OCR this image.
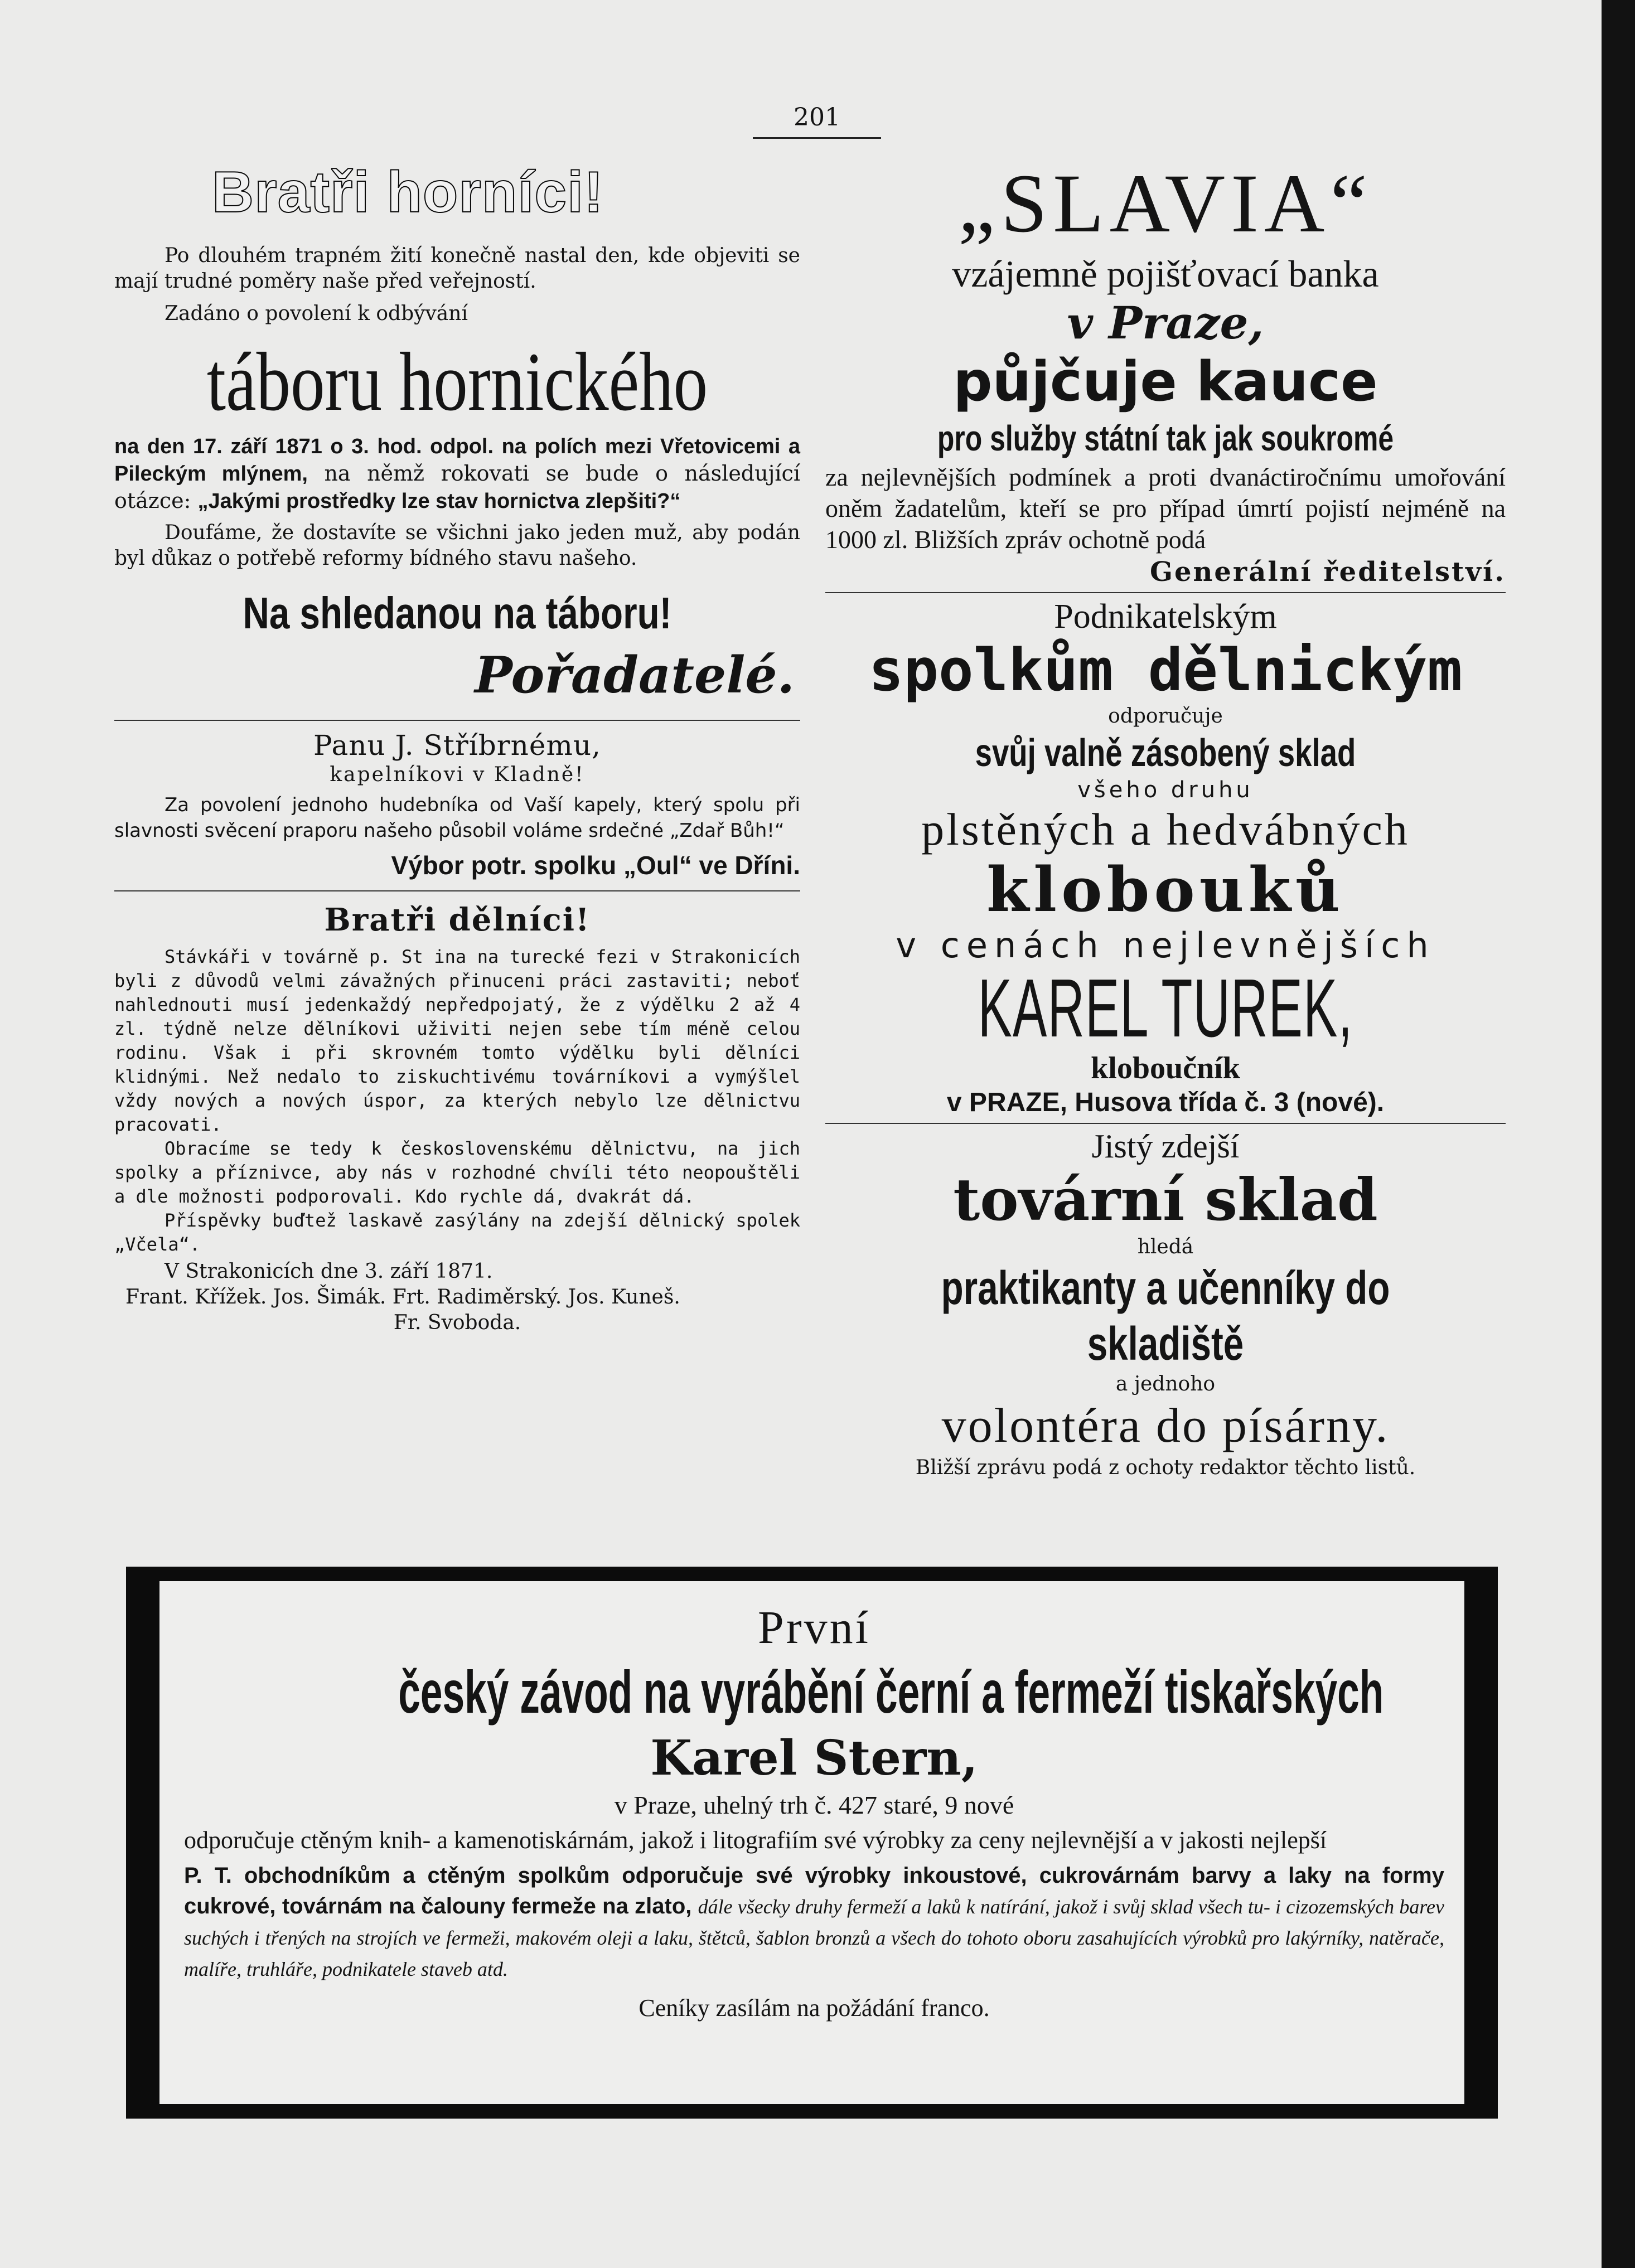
201
Bratři horníci!
Po dlouhém trapném žití konečně nastal den, kde objeviti se mají trudné poměry naše před veřejností.
Zadáno o povolení k odbývání
táboru hornického
na den 17. září 1871 o 3. hod. odpol. na polích mezi Vřetovicemi a Pileckým mlýnem, na němž rokovati se bude o následující otázce: „Jakými prostředky lze stav hornictva zlepšiti?“
Doufáme, že dostavíte se všichni jako jeden muž, aby podán byl důkaz o potřebě reformy bídného stavu našeho.
Na shledanou na táboru!
Pořadatelé.
Panu J. Stříbrnému,
kapelníkovi v Kladně!
Za povolení jednoho hudebníka od Vaší kapely, který spolu při slavnosti svěcení praporu našeho působil voláme srdečné „Zdař Bůh!“
Výbor potr. spolku „Oul“ ve Dříni.
Bratři dělníci!
Stávkáři v továrně p. St ina na turecké fezi v Strakonicích byli z důvodů velmi závažných přinuceni práci zastaviti; neboť nahlednouti musí jedenkaždý nepředpojatý, že z výdělku 2 až 4 zl. týdně nelze dělníkovi uživiti nejen sebe tím méně celou rodinu. Však i při skrovném tomto výdělku byli dělníci klidnými. Než nedalo to ziskuchtivému továrníkovi a vymýšlel vždy nových a nových úspor, za kterých nebylo lze dělnictvu pracovati.
Obracíme se tedy k československému dělnictvu, na jich spolky a příznivce, aby nás v rozhodné chvíli této neopouštěli a dle možnosti podporovali. Kdo rychle dá, dvakrát dá.
Příspěvky buďtež laskavě zasýlány na zdejší dělnický spolek „Včela“.
V Strakonicích dne 3. září 1871.
Frant. Křížek. Jos. Šimák. Frt. Radiměrský. Jos. Kuneš.
Fr. Svoboda.
„SLAVIA“
vzájemně pojišťovací banka
v Praze,
půjčuje kauce
pro služby státní tak jak soukromé
za nejlevnějších podmínek a proti dvanáctiročnímu umořování oněm žadatelům, kteří se pro případ úmrtí pojistí nejméně na 1000 zl. Bližších zpráv ochotně podá
Generální ředitelství.
Podnikatelským
spolkům dělnickým
odporučuje
svůj valně zásobený sklad
všeho druhu
plstěných a hedvábných
klobouků
v cenách nejlevnějších
KAREL TUREK,
kloboučník
v PRAZE, Husova třída č. 3 (nové).
Jistý zdejší
tovární sklad
hledá
praktikanty a učenníky do skladiště
a jednoho
volontéra do písárny.
Bližší zprávu podá z ochoty redaktor těchto listů.
První
český závod na vyrábění černí a fermeží tiskařských
Karel Stern,
v Praze, uhelný trh č. 427 staré, 9 nové
odporučuje ctěným knih- a kamenotiskárnám, jakož i litografiím své výrobky za ceny nejlevnější a v jakosti nejlepší
P. T. obchodníkům a ctěným spolkům odporučuje své výrobky inkoustové, cukrovárnám barvy a laky na formy cukrové, továrnám na čalouny fermeže na zlato, dále všecky druhy fermeží a laků k natírání, jakož i svůj sklad všech tu- i cizozemských barev suchých i třených na strojích ve fermeži, makovém oleji a laku, štětců, šablon bronzů a všech do tohoto oboru zasahujících výrobků pro lakýrníky, natěrače, malíře, truhláře, podnikatele staveb atd.
Ceníky zasílám na požádání franco.
